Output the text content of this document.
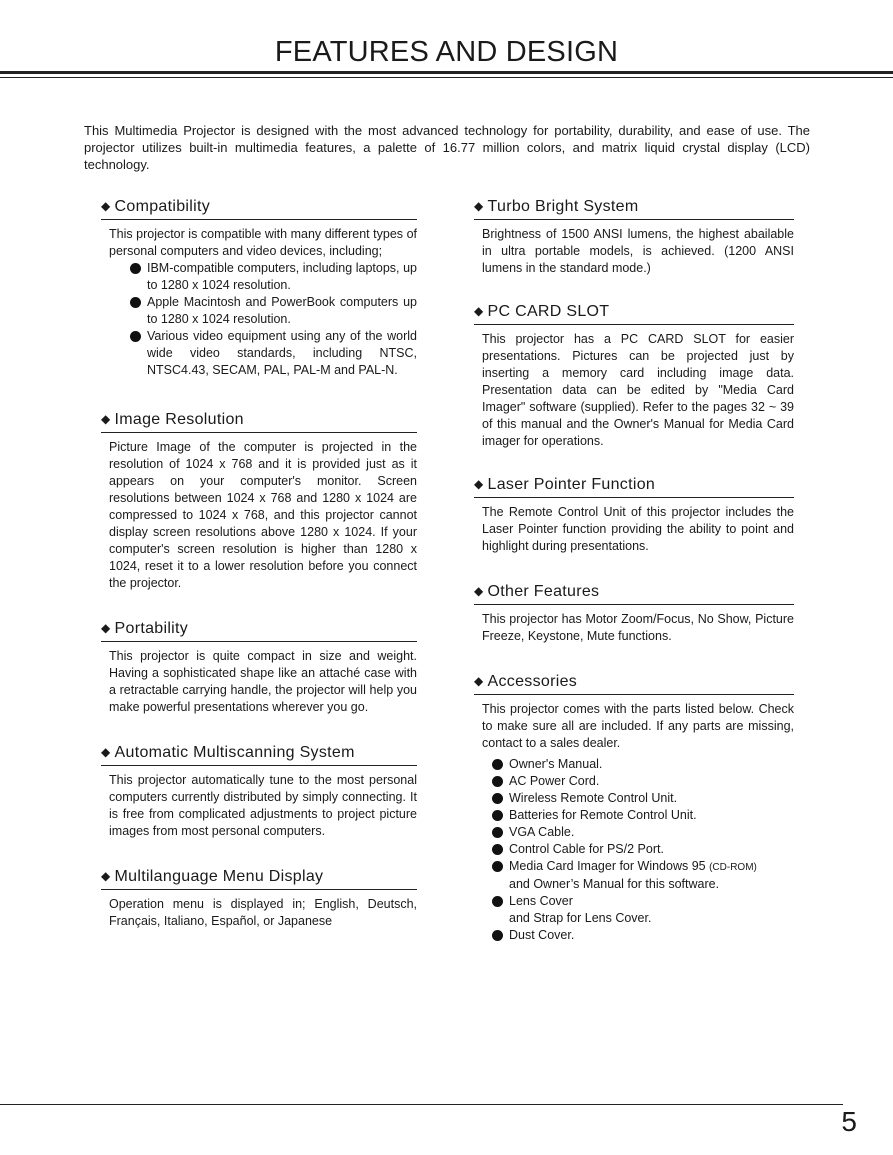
FEATURES AND DESIGN
This Multimedia Projector is designed with the most advanced technology for portability, durability, and ease of use. The projector utilizes built-in multimedia features, a palette of 16.77 million colors, and matrix liquid crystal display (LCD) technology.
◆ Compatibility
This projector is compatible with many different types of personal computers and video devices, including;
IBM-compatible computers, including laptops, up to 1280 x 1024 resolution.
Apple Macintosh and PowerBook computers up to 1280 x 1024 resolution.
Various video equipment using any of the world wide video standards, including NTSC, NTSC4.43, SECAM, PAL, PAL-M and PAL-N.
◆ Image Resolution
Picture Image of the computer is projected in the resolution of 1024 x 768 and it is provided just as it appears on your computer's monitor. Screen resolutions between 1024 x 768 and 1280 x 1024 are compressed to 1024 x 768, and this projector cannot display screen resolutions above 1280 x 1024. If your computer's screen resolution is higher than 1280 x 1024, reset it to a lower resolution before you connect the projector.
◆ Portability
This projector is quite compact in size and weight. Having a sophisticated shape like an attaché case with a retractable carrying handle, the projector will help you make powerful presentations wherever you go.
◆ Automatic Multiscanning System
This projector automatically tune to the most personal computers currently distributed by simply connecting. It is free from complicated adjustments to project picture images from most personal computers.
◆ Multilanguage Menu Display
Operation menu is displayed in; English, Deutsch, Français, Italiano, Español, or Japanese
◆ Turbo Bright System
Brightness of 1500 ANSI lumens, the highest abailable in ultra portable models, is achieved. (1200 ANSI lumens in the standard mode.)
◆ PC CARD SLOT
This projector has a PC CARD SLOT for easier presentations. Pictures can be projected just by inserting a memory card including image data. Presentation data can be edited by "Media Card Imager" software (supplied). Refer to the pages 32 ~ 39 of this manual and the Owner's Manual for Media Card imager for operations.
◆ Laser Pointer Function
The Remote Control Unit of this projector includes the Laser Pointer function providing the ability to point and highlight during presentations.
◆ Other Features
This projector has Motor Zoom/Focus, No Show, Picture Freeze, Keystone, Mute functions.
◆ Accessories
This projector comes with the parts listed below. Check to make sure all are included. If any parts are missing, contact to a sales dealer.
Owner's Manual.
AC Power Cord.
Wireless Remote Control Unit.
Batteries for Remote Control Unit.
VGA Cable.
Control Cable for PS/2 Port.
Media Card Imager for Windows 95 (CD-ROM)
and Owner’s Manual for this software.
Lens Cover
and Strap for Lens Cover.
Dust Cover.
5
